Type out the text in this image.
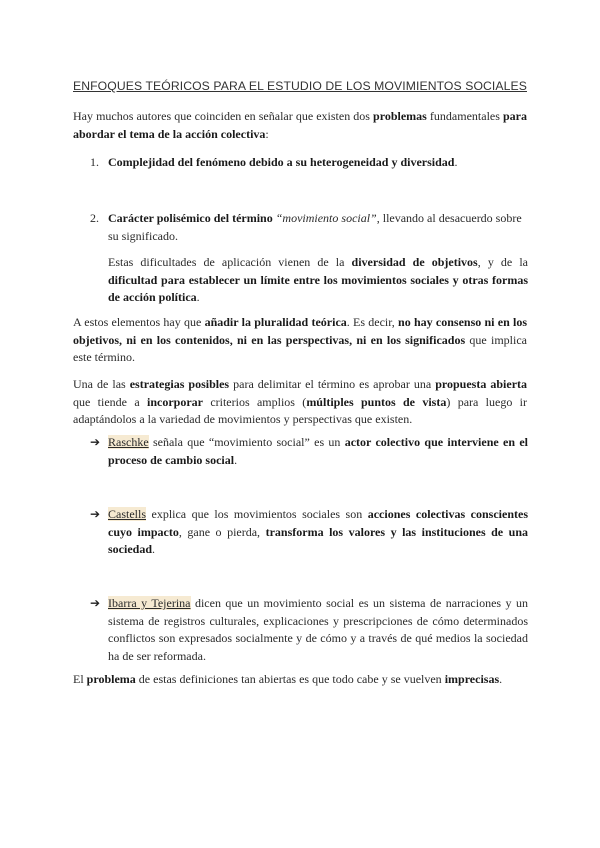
ENFOQUES TEÓRICOS PARA EL ESTUDIO DE LOS MOVIMIENTOS SOCIALES
Hay muchos autores que coinciden en señalar que existen dos problemas fundamentales para abordar el tema de la acción colectiva:
1. Complejidad del fenómeno debido a su heterogeneidad y diversidad.
2. Carácter polisémico del término “movimiento social”, llevando al desacuerdo sobre su significado.
Estas dificultades de aplicación vienen de la diversidad de objetivos, y de la dificultad para establecer un límite entre los movimientos sociales y otras formas de acción política.
A estos elementos hay que añadir la pluralidad teórica. Es decir, no hay consenso ni en los objetivos, ni en los contenidos, ni en las perspectivas, ni en los significados que implica este término.
Una de las estrategias posibles para delimitar el término es aprobar una propuesta abierta que tiende a incorporar criterios amplios (múltiples puntos de vista) para luego ir adaptándolos a la variedad de movimientos y perspectivas que existen.
➔ Raschke señala que “movimiento social” es un actor colectivo que interviene en el proceso de cambio social.
➔ Castells explica que los movimientos sociales son acciones colectivas conscientes cuyo impacto, gane o pierda, transforma los valores y las instituciones de una sociedad.
➔ Ibarra y Tejerina dicen que un movimiento social es un sistema de narraciones y un sistema de registros culturales, explicaciones y prescripciones de cómo determinados conflictos son expresados socialmente y de cómo y a través de qué medios la sociedad ha de ser reformada.
El problema de estas definiciones tan abiertas es que todo cabe y se vuelven imprecisas.
